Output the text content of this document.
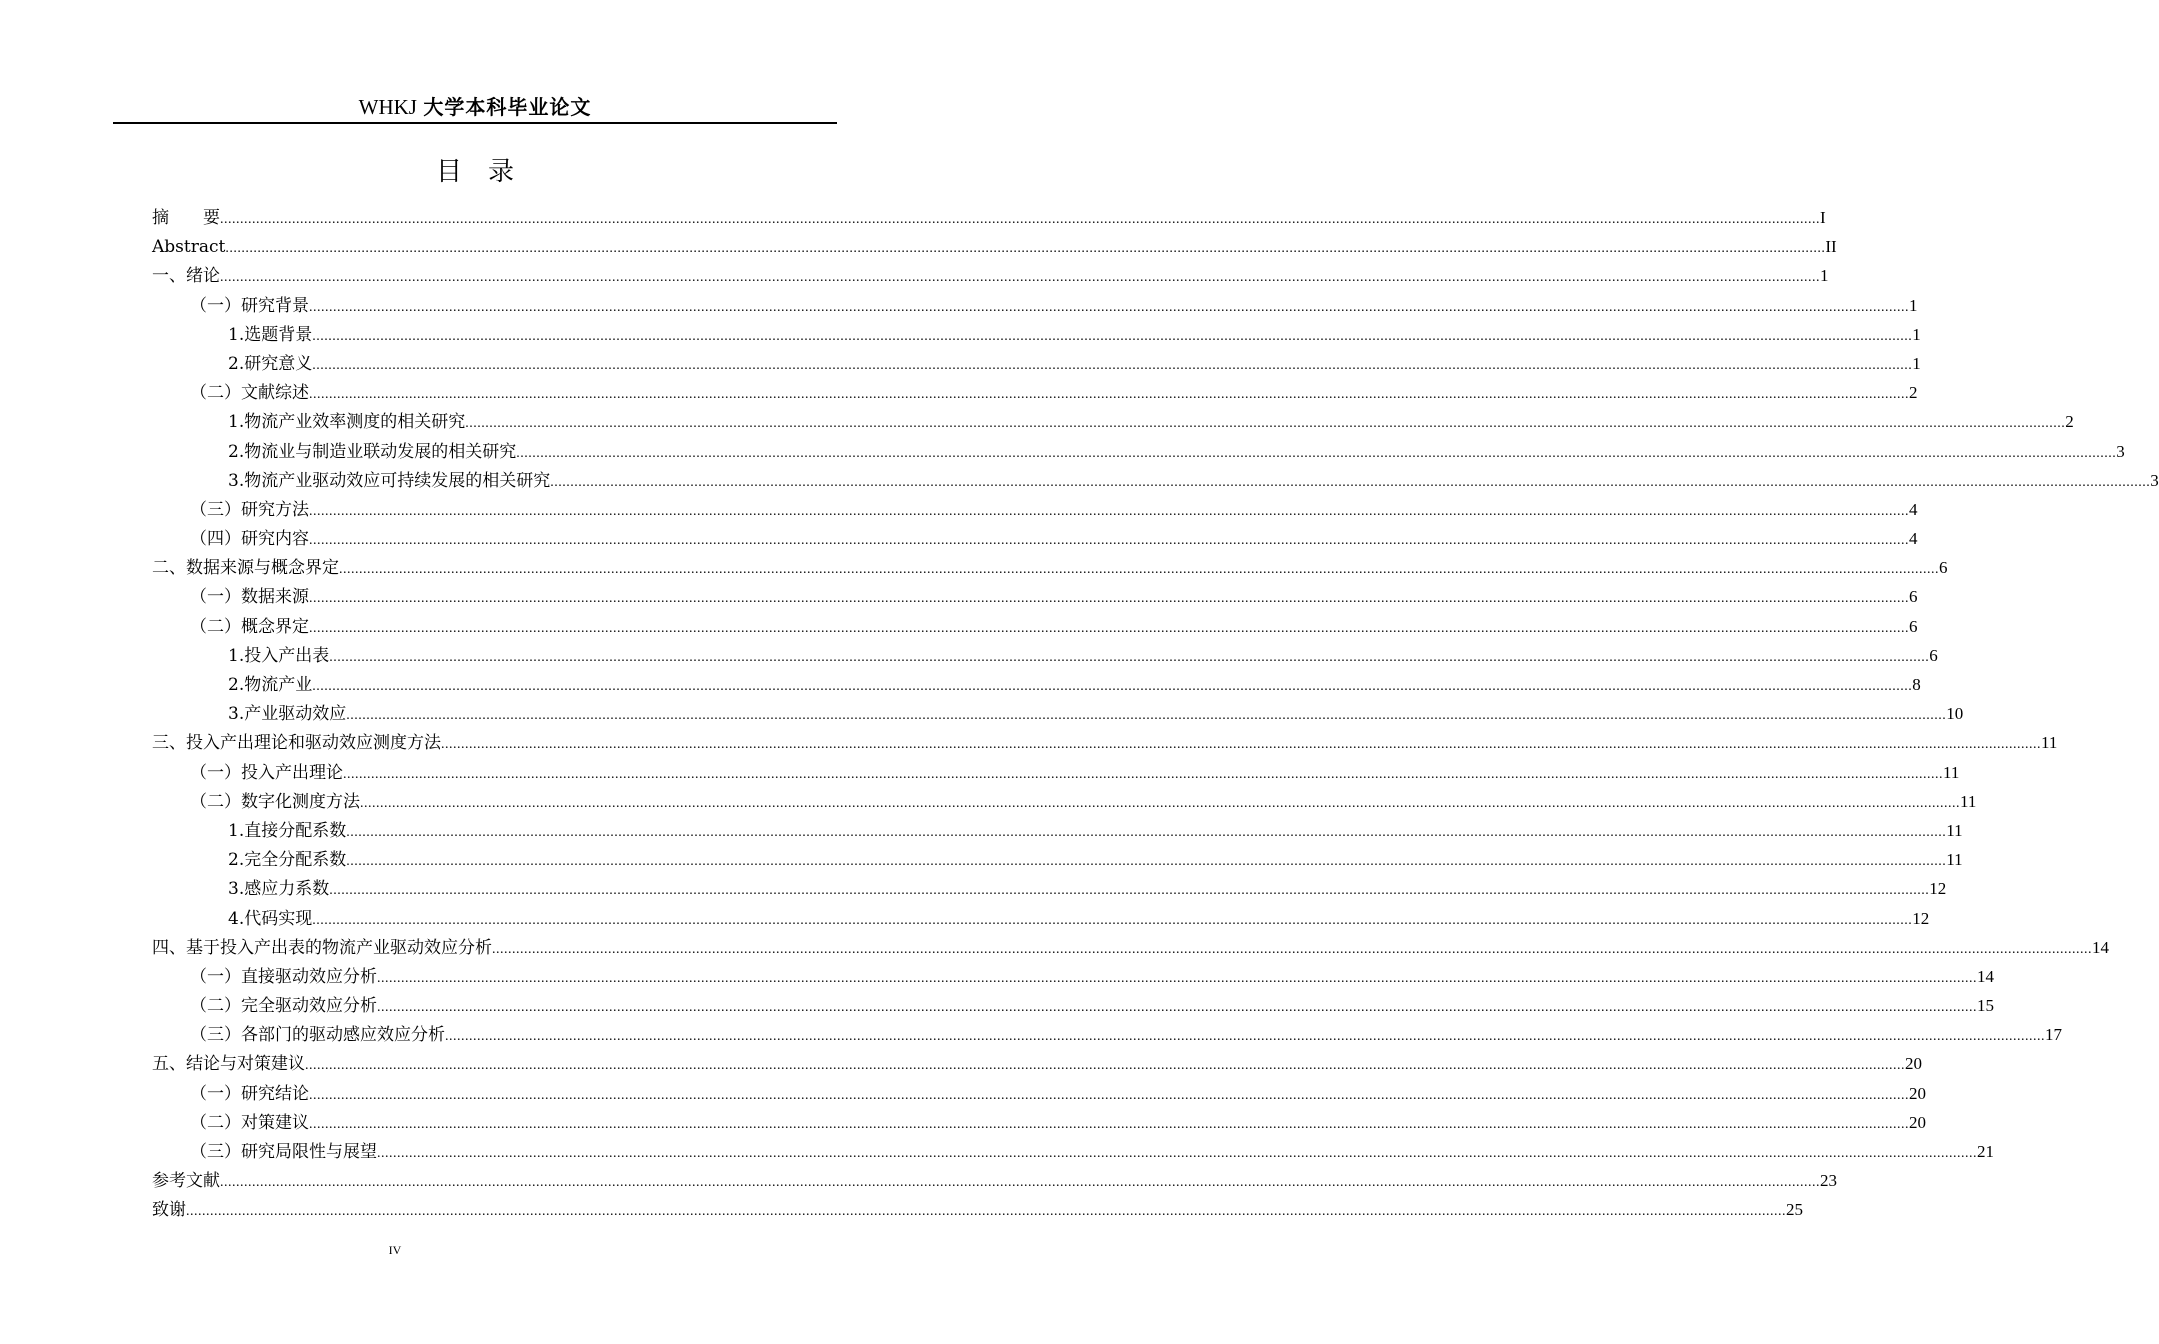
WHKJ 大学本科毕业论文
目　录
摘　　要 ................................................................................................................................................................................................................................................................................................................................................................................................................ I
Abstract ................................................................................................................................................................................................................................................................................................................................................................................................................ II
一、绪论 ................................................................................................................................................................................................................................................................................................................................................................................................................ 1
（一）研究背景 ................................................................................................................................................................................................................................................................................................................................................................................................................ 1
1.选题背景 ................................................................................................................................................................................................................................................................................................................................................................................................................ 1
2.研究意义 ................................................................................................................................................................................................................................................................................................................................................................................................................ 1
（二）文献综述 ................................................................................................................................................................................................................................................................................................................................................................................................................ 2
1.物流产业效率测度的相关研究 ................................................................................................................................................................................................................................................................................................................................................................................................................ 2
2.物流业与制造业联动发展的相关研究 ................................................................................................................................................................................................................................................................................................................................................................................................................ 3
3.物流产业驱动效应可持续发展的相关研究 ................................................................................................................................................................................................................................................................................................................................................................................................................ 3
（三）研究方法 ................................................................................................................................................................................................................................................................................................................................................................................................................ 4
（四）研究内容 ................................................................................................................................................................................................................................................................................................................................................................................................................ 4
二、数据来源与概念界定 ................................................................................................................................................................................................................................................................................................................................................................................................................ 6
（一）数据来源 ................................................................................................................................................................................................................................................................................................................................................................................................................ 6
（二）概念界定 ................................................................................................................................................................................................................................................................................................................................................................................................................ 6
1.投入产出表 ................................................................................................................................................................................................................................................................................................................................................................................................................ 6
2.物流产业 ................................................................................................................................................................................................................................................................................................................................................................................................................ 8
3.产业驱动效应 ................................................................................................................................................................................................................................................................................................................................................................................................................ 10
三、投入产出理论和驱动效应测度方法 ................................................................................................................................................................................................................................................................................................................................................................................................................ 11
（一）投入产出理论 ................................................................................................................................................................................................................................................................................................................................................................................................................ 11
（二）数字化测度方法 ................................................................................................................................................................................................................................................................................................................................................................................................................ 11
1.直接分配系数 ................................................................................................................................................................................................................................................................................................................................................................................................................ 11
2.完全分配系数 ................................................................................................................................................................................................................................................................................................................................................................................................................ 11
3.感应力系数 ................................................................................................................................................................................................................................................................................................................................................................................................................ 12
4.代码实现 ................................................................................................................................................................................................................................................................................................................................................................................................................ 12
四、基于投入产出表的物流产业驱动效应分析 ................................................................................................................................................................................................................................................................................................................................................................................................................ 14
（一）直接驱动效应分析 ................................................................................................................................................................................................................................................................................................................................................................................................................ 14
（二）完全驱动效应分析 ................................................................................................................................................................................................................................................................................................................................................................................................................ 15
（三）各部门的驱动感应效应分析 ................................................................................................................................................................................................................................................................................................................................................................................................................ 17
五、结论与对策建议 ................................................................................................................................................................................................................................................................................................................................................................................................................ 20
（一）研究结论 ................................................................................................................................................................................................................................................................................................................................................................................................................ 20
（二）对策建议 ................................................................................................................................................................................................................................................................................................................................................................................................................ 20
（三）研究局限性与展望 ................................................................................................................................................................................................................................................................................................................................................................................................................ 21
参考文献 ................................................................................................................................................................................................................................................................................................................................................................................................................ 23
致谢 ................................................................................................................................................................................................................................................................................................................................................................................................................ 25
IV
